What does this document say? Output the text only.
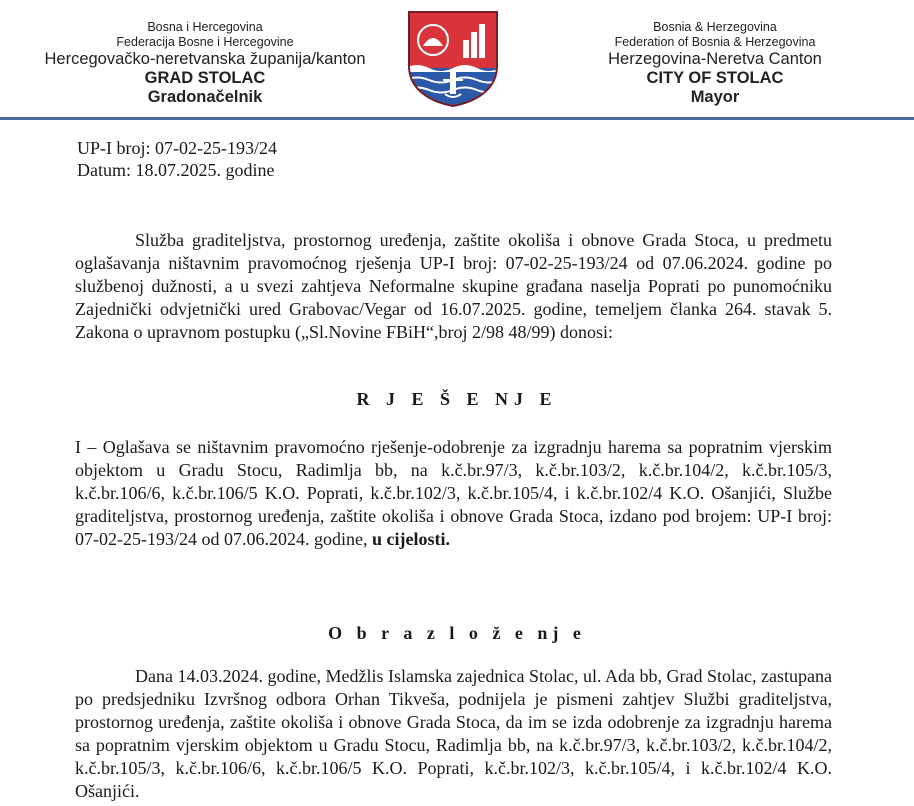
Bosna i Hercegovina
Federacija Bosne i Hercegovine
Hercegovačko-neretvanska županija/kanton
GRAD STOLAC
Gradonačelnik
Bosnia & Herzegovina
Federation of Bosnia & Herzegovina
Herzegovina-Neretva Canton
CITY OF STOLAC
Mayor
UP-I broj: 07-02-25-193/24
Datum: 18.07.2025. godine
Služba graditeljstva, prostornog uređenja, zaštite okoliša i obnove Grada Stoca, u predmetu oglašavanja ništavnim pravomoćnog rješenja UP-I broj: 07-02-25-193/24 od 07.06.2024. godine po službenoj dužnosti, a u svezi zahtjeva Neformalne skupine građana naselja Poprati po punomoćniku Zajednički odvjetnički ured Grabovac/Vegar od 16.07.2025. godine, temeljem članka 264. stavak 5. Zakona o upravnom postupku („Sl.Novine FBiH“,broj 2/98 48/99) donosi:
R J E Š E NJ E
I – Oglašava se ništavnim pravomoćno rješenje-odobrenje za izgradnju harema sa popratnim vjerskim objektom u Gradu Stocu, Radimlja bb, na k.č.br.97/3, k.č.br.103/2, k.č.br.104/2, k.č.br.105/3, k.č.br.106/6, k.č.br.106/5 K.O. Poprati, k.č.br.102/3, k.č.br.105/4, i k.č.br.102/4 K.O. Ošanjići, Službe graditeljstva, prostornog uređenja, zaštite okoliša i obnove Grada Stoca, izdano pod brojem: UP-I broj: 07-02-25-193/24 od 07.06.2024. godine, u cijelosti.
O b r a z l o ž e nj e
Dana 14.03.2024. godine, Medžlis Islamska zajednica Stolac, ul. Ada bb, Grad Stolac, zastupana po predsjedniku Izvršnog odbora Orhan Tikveša, podnijela je pismeni zahtjev Službi graditeljstva, prostornog uređenja, zaštite okoliša i obnove Grada Stoca, da im se izda odobrenje za izgradnju harema sa popratnim vjerskim objektom u Gradu Stocu, Radimlja bb, na k.č.br.97/3, k.č.br.103/2, k.č.br.104/2, k.č.br.105/3, k.č.br.106/6, k.č.br.106/5 K.O. Poprati, k.č.br.102/3, k.č.br.105/4, i k.č.br.102/4 K.O. Ošanjići.
